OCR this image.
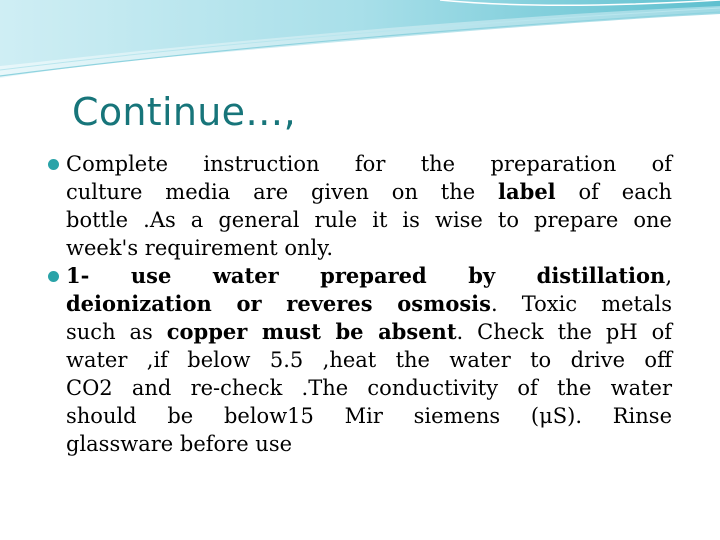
Continue…,
Complete instruction for the preparation of
culture media are given on the label of each
bottle .As a general rule it is wise to prepare one
week's requirement only.
1- use water prepared by distillation,
deionization or reveres osmosis. Toxic metals
such as copper must be absent. Check the pH of
water ,if below 5.5 ,heat the water to drive off
CO2 and re-check .The conductivity of the water
should be below15 Mir siemens (μS). Rinse
glassware before use
